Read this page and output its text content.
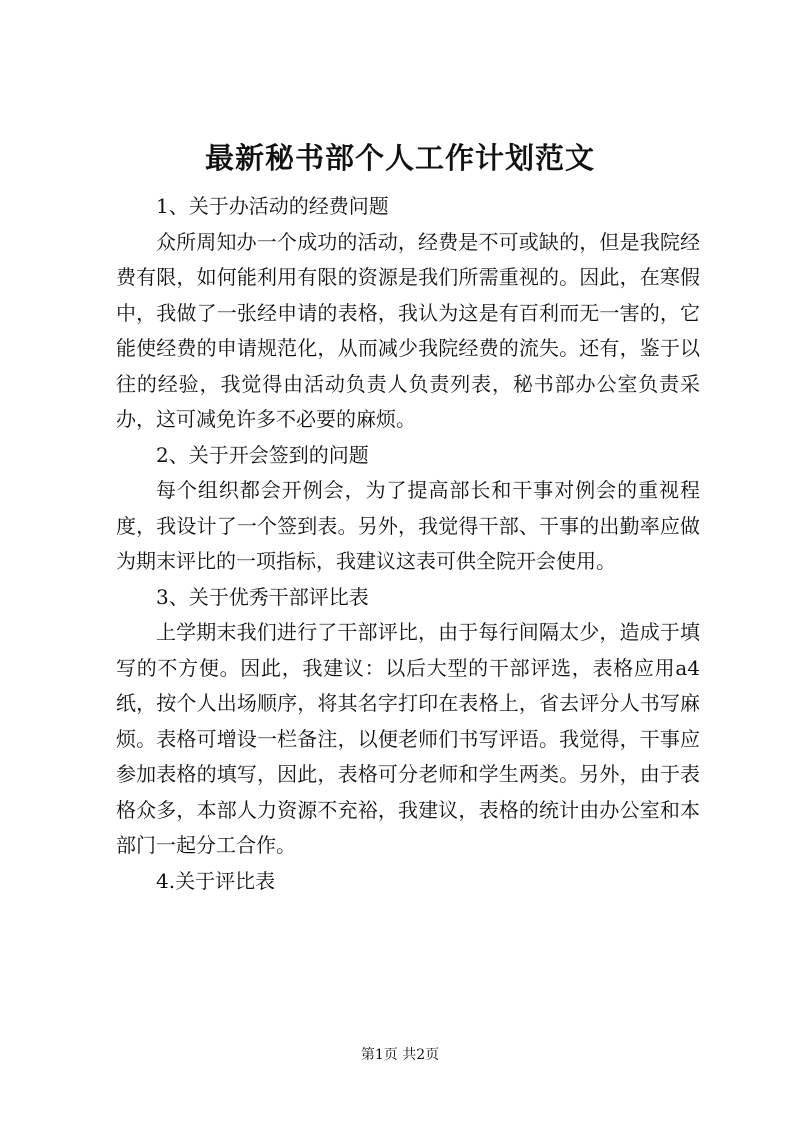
最新秘书部个人工作计划范文

1、关于办活动的经费问题

众所周知办一个成功的活动，经费是不可或缺的，但是我院经费有限，如何能利用有限的资源是我们所需重视的。因此，在寒假中，我做了一张经申请的表格，我认为这是有百利而无一害的，它能使经费的申请规范化，从而减少我院经费的流失。还有，鉴于以往的经验，我觉得由活动负责人负责列表，秘书部办公室负责采办，这可减免许多不必要的麻烦。

2、关于开会签到的问题

每个组织都会开例会，为了提高部长和干事对例会的重视程度，我设计了一个签到表。另外，我觉得干部、干事的出勤率应做为期末评比的一项指标，我建议这表可供全院开会使用。

3、关于优秀干部评比表

上学期末我们进行了干部评比，由于每行间隔太少，造成于填写的不方便。因此，我建议：以后大型的干部评选，表格应用a4纸，按个人出场顺序，将其名字打印在表格上，省去评分人书写麻烦。表格可增设一栏备注，以便老师们书写评语。我觉得，干事应参加表格的填写，因此，表格可分老师和学生两类。另外，由于表格众多，本部人力资源不充裕，我建议，表格的统计由办公室和本部门一起分工合作。

4.关于评比表

第1页 共2页
